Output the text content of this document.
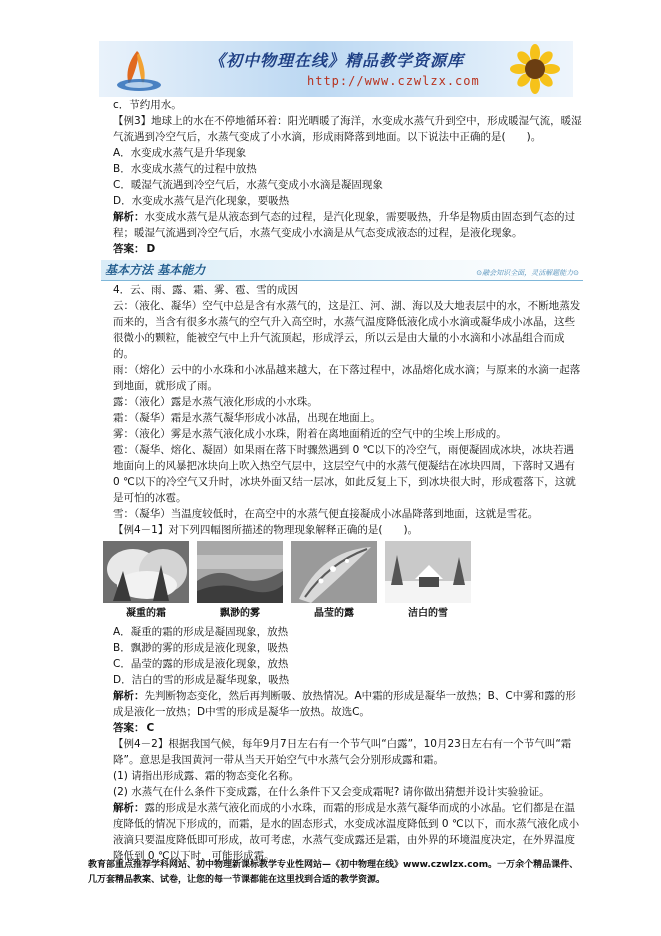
《初中物理在线》精品教学资源库
http://www.czwlzx.com

c．节约用水。

【例3】地球上的水在不停地循环着：阳光晒暖了海洋，水变成水蒸气升到空中，形成暖湿气流，暖湿气流遇到冷空气后，水蒸气变成了小水滴，形成雨降落到地面。以下说法中正确的是(　　)。

A．水变成水蒸气是升华现象

B．水变成水蒸气的过程中放热

C．暖湿气流遇到冷空气后，水蒸气变成小水滴是凝固现象

D．水变成水蒸气是汽化现象，要吸热

解析：水变成水蒸气是从液态到气态的过程，是汽化现象，需要吸热，升华是物质由固态到气态的过程；暖湿气流遇到冷空气后，水蒸气变成小水滴是从气态变成液态的过程，是液化现象。

答案： D

基本方法 基本能力	⊙融会知识全面，灵活解题能力⊙

4．云、雨、露、霜、雾、雹、雪的成因

云：（液化、凝华）空气中总是含有水蒸气的，这是江、河、湖、海以及大地表层中的水，不断地蒸发而来的，当含有很多水蒸气的空气升入高空时，水蒸气温度降低液化成小水滴或凝华成小冰晶，这些很微小的颗粒，能被空气中上升气流顶起，形成浮云，所以云是由大量的小水滴和小冰晶组合而成的。

雨：（熔化）云中的小水珠和小冰晶越来越大，在下落过程中，冰晶熔化成水滴；与原来的水滴一起落到地面，就形成了雨。

露：（液化）露是水蒸气液化形成的小水珠。

霜：（凝华）霜是水蒸气凝华形成小冰晶，出现在地面上。

雾：（液化）雾是水蒸气液化成小水珠，附着在离地面稍近的空气中的尘埃上形成的。

雹：（凝华、熔化、凝固）如果雨在落下时骤然遇到 0 ℃以下的冷空气，雨便凝固成冰块，冰块若遇地面向上的风暴把冰块向上吹入热空气层中，这层空气中的水蒸气便凝结在冰块四周，下落时又遇有 0 ℃以下的冷空气又升时，冰块外面又结一层冰，如此反复上下，到冰块很大时，形成雹落下，这就是可怕的冰雹。

雪：（凝华）当温度较低时，在高空中的水蒸气便直接凝成小冰晶降落到地面，这就是雪花。

【例4－1】对下列四幅图所描述的物理现象解释正确的是(　　)。

凝重的霜	飘渺的雾	晶莹的露	洁白的雪

A．凝重的霜的形成是凝固现象，放热

B．飘渺的雾的形成是液化现象，吸热

C．晶莹的露的形成是液化现象，放热

D．洁白的雪的形成是凝华现象，吸热

解析：先判断物态变化，然后再判断吸、放热情况。A中霜的形成是凝华一放热；B、C中雾和露的形成是液化一放热；D中雪的形成是凝华一放热。故选C。

答案： C

【例4－2】根据我国气候，每年9月7日左右有一个节气叫“白露”，10月23日左右有一个节气叫“霜降”。意思是我国黄河一带从当天开始空气中水蒸气会分别形成露和霜。

(1) 请指出形成露、霜的物态变化名称。

(2) 水蒸气在什么条件下变成露，在什么条件下又会变成霜呢? 请你做出猜想并设计实验验证。

解析：露的形成是水蒸气液化而成的小水珠，而霜的形成是水蒸气凝华而成的小冰晶。它们都是在温度降低的情况下形成的，而霜，是水的固态形式，水变成冰温度降低到 0 ℃以下，而水蒸气液化成小液滴只要温度降低即可形成，故可考虑，水蒸气变成露还是霜，由外界的环境温度决定，在外界温度降低到 0 ℃以下时，可能形成霜。

教育部重点推荐学科网站、初中物理新课标教学专业性网站—《初中物理在线》www.czwlzx.com。一万余个精品课件、几万套精品教案、试卷，让您的每一节课都能在这里找到合适的教学资源。
